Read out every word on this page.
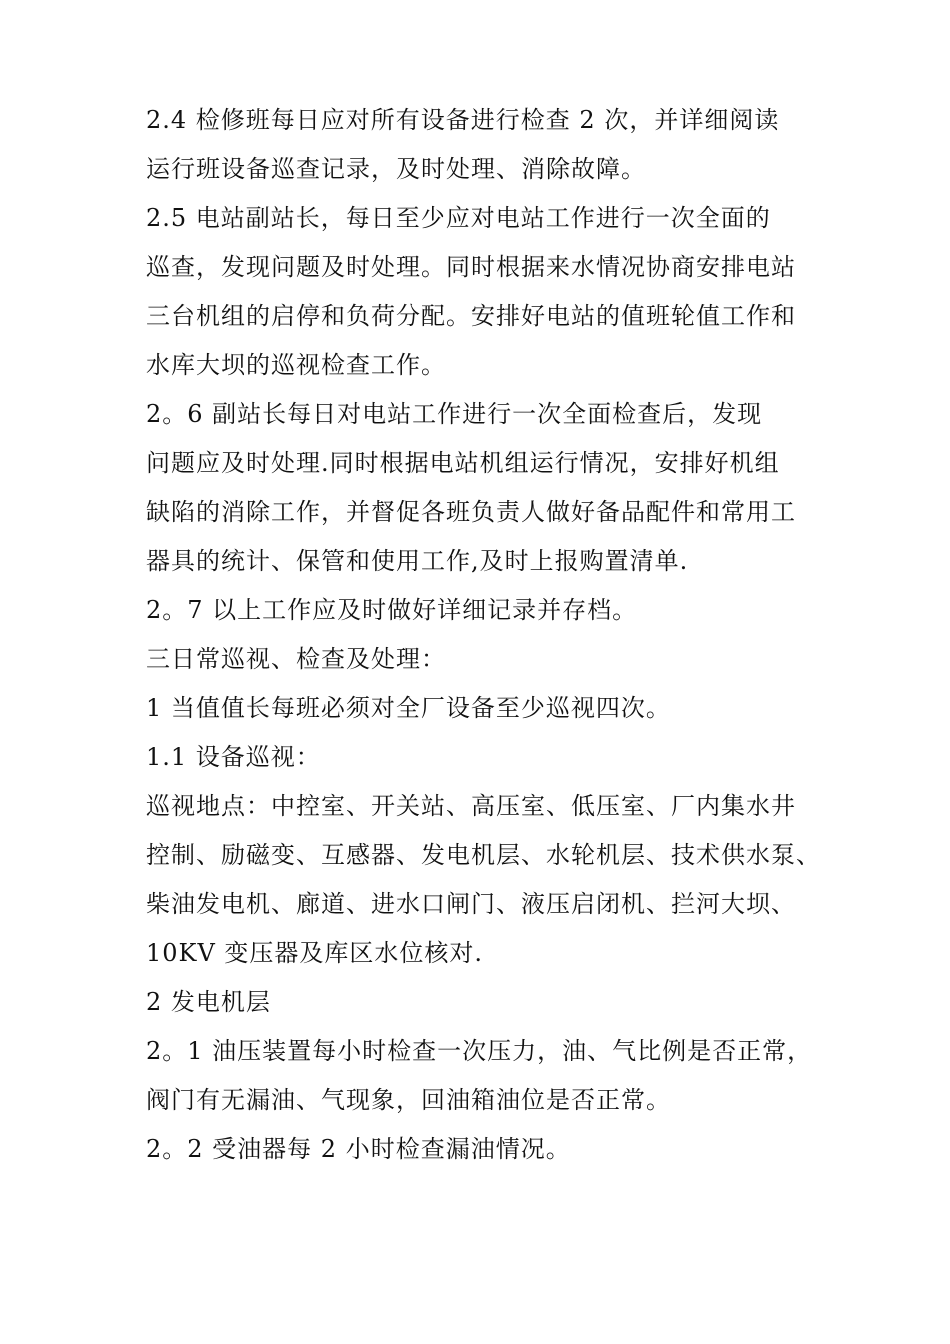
2.4 检修班每日应对所有设备进行检查 2 次，并详细阅读
运行班设备巡查记录，及时处理、消除故障。
2.5 电站副站长，每日至少应对电站工作进行一次全面的
巡查，发现问题及时处理。同时根据来水情况协商安排电站
三台机组的启停和负荷分配。安排好电站的值班轮值工作和
水库大坝的巡视检查工作。
2。6 副站长每日对电站工作进行一次全面检查后，发现
问题应及时处理.同时根据电站机组运行情况，安排好机组
缺陷的消除工作，并督促各班负责人做好备品配件和常用工
器具的统计、保管和使用工作,及时上报购置清单.
2。7 以上工作应及时做好详细记录并存档。
三日常巡视、检查及处理：
1 当值值长每班必须对全厂设备至少巡视四次。
1.1 设备巡视：
巡视地点：中控室、开关站、高压室、低压室、厂内集水井
控制、励磁变、互感器、发电机层、水轮机层、技术供水泵、
柴油发电机、廊道、进水口闸门、液压启闭机、拦河大坝、
10KV 变压器及库区水位核对.
2 发电机层
2。1 油压装置每小时检查一次压力，油、气比例是否正常，
阀门有无漏油、气现象，回油箱油位是否正常。
2。2 受油器每 2 小时检查漏油情况。
